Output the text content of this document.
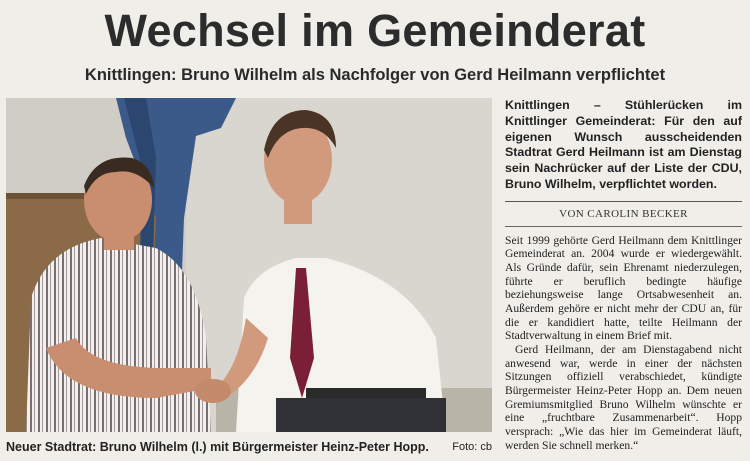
Wechsel im Gemeinderat
Knittlingen: Bruno Wilhelm als Nachfolger von Gerd Heilmann verpflichtet
Neuer Stadtrat: Bruno Wilhelm (l.) mit Bürgermeister Heinz-Peter Hopp. Foto: cb

Knittlingen – Stühlerücken im Knittlinger Gemeinderat: Für den auf eigenen Wunsch ausscheidenden Stadtrat Gerd Heilmann ist am Dienstag sein Nachrücker auf der Liste der CDU, Bruno Wilhelm, verpflichtet worden.

VON CAROLIN BECKER

Seit 1999 gehörte Gerd Heilmann dem Knittlinger Gemeinderat an. 2004 wurde er wiedergewählt. Als Gründe dafür, sein Ehrenamt niederzulegen, führte er beruflich bedingte häufige beziehungsweise lange Ortsabwesenheit an. Außerdem gehöre er nicht mehr der CDU an, für die er kandidiert hatte, teilte Heilmann der Stadtverwaltung in einem Brief mit.

Gerd Heilmann, der am Dienstagabend nicht anwesend war, werde in einer der nächsten Sitzungen offiziell verabschiedet, kündigte Bürgermeister Heinz-Peter Hopp an. Dem neuen Gremiumsmitglied Bruno Wilhelm wünschte er eine „fruchtbare Zusammenarbeit“. Hopp versprach: „Wie das hier im Gemeinderat läuft, werden Sie schnell merken.“
